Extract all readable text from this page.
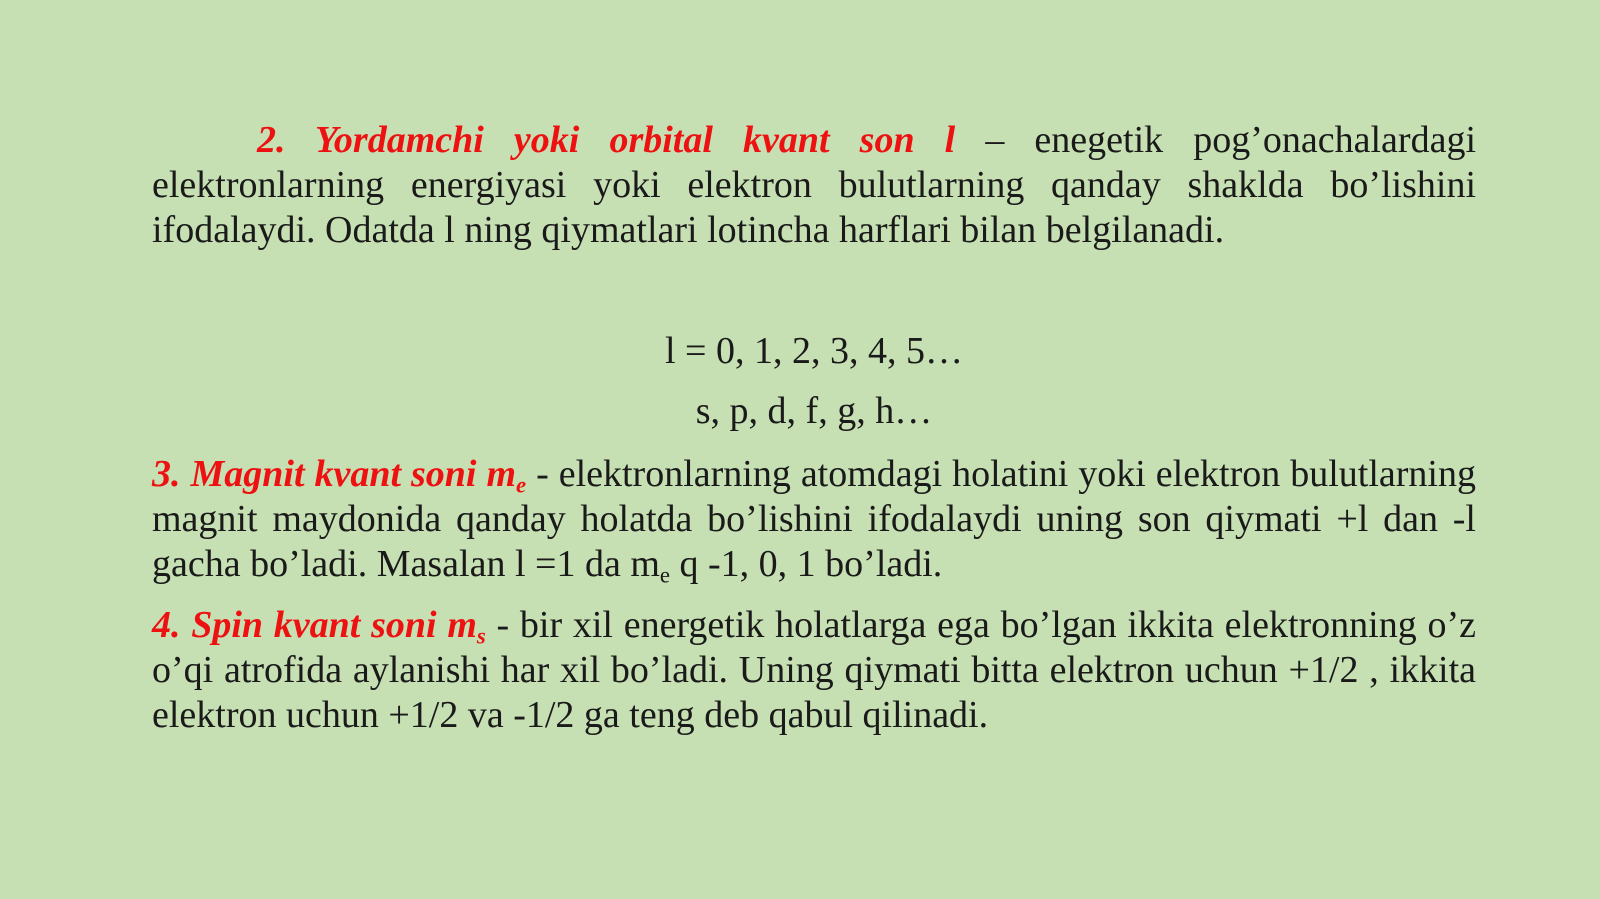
2. Yordamchi yoki orbital kvant son l – enegetik pog’onachalardagi elektronlarning energiyasi yoki elektron bulutlarning qanday shaklda bo’lishini ifodalaydi. Odatda l ning qiymatlari lotincha harflari bilan belgilanadi.

l = 0, 1, 2, 3, 4, 5…

s, p, d, f, g, h…

3. Magnit kvant soni $m_e$ - elektronlarning atomdagi holatini yoki elektron bulutlarning magnit maydonida qanday holatda bo’lishini ifodalaydi uning son qiymati +l dan -l gacha bo’ladi. Masalan l =1 da $m_e$ q -1, 0, 1 bo’ladi.

4. Spin kvant soni $m_s$ - bir xil energetik holatlarga ega bo’lgan ikkita elektronning o’z o’qi atrofida aylanishi har xil bo’ladi. Uning qiymati bitta elektron uchun +1/2 , ikkita elektron uchun +1/2 va -1/2 ga teng deb qabul qilinadi.
